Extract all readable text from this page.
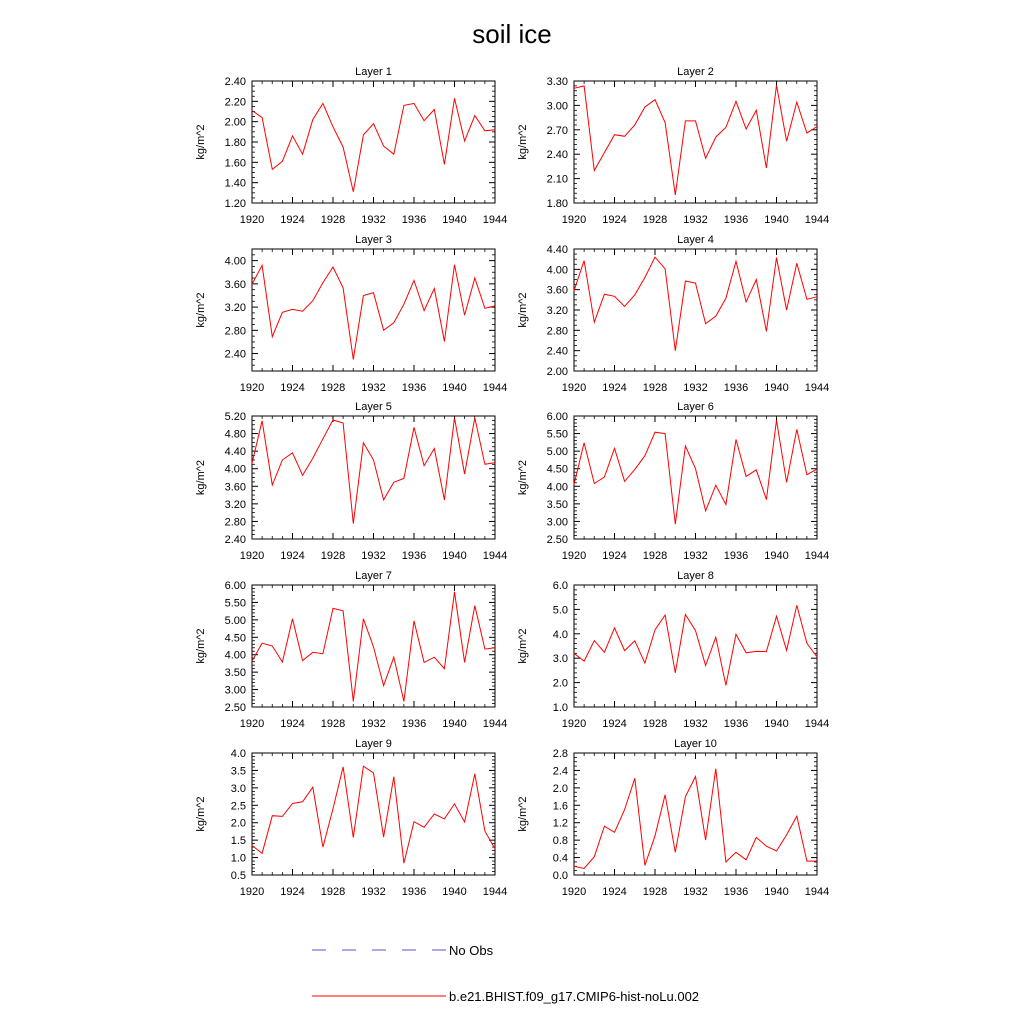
soil ice
1920 1924 1928 1932 1936 1940 1944
1.20
1.40
1.60
1.80
2.00
2.20
2.40
Layer 1
kg/m^2
1920 1924 1928 1932 1936 1940 1944
1.80
2.10
2.40
2.70
3.00
3.30
Layer 2
kg/m^2
1920 1924 1928 1932 1936 1940 1944
2.40
2.80
3.20
3.60
4.00
Layer 3
kg/m^2
1920 1924 1928 1932 1936 1940 1944
2.00
2.40
2.80
3.20
3.60
4.00
4.40
Layer 4
kg/m^2
1920 1924 1928 1932 1936 1940 1944
2.40
2.80
3.20
3.60
4.00
4.40
4.80
5.20
Layer 5
kg/m^2
1920 1924 1928 1932 1936 1940 1944
2.50
3.00
3.50
4.00
4.50
5.00
5.50
6.00
Layer 6
kg/m^2
1920 1924 1928 1932 1936 1940 1944
2.50
3.00
3.50
4.00
4.50
5.00
5.50
6.00
Layer 7
kg/m^2
1920 1924 1928 1932 1936 1940 1944
1.0
2.0
3.0
4.0
5.0
6.0
Layer 8
kg/m^2
1920 1924 1928 1932 1936 1940 1944
0.5
1.0
1.5
2.0
2.5
3.0
3.5
4.0
Layer 9
kg/m^2
1920 1924 1928 1932 1936 1940 1944
0.0
0.4
0.8
1.2
1.6
2.0
2.4
2.8
Layer 10
kg/m^2
No Obs
b.e21.BHIST.f09_g17.CMIP6-hist-noLu.002
